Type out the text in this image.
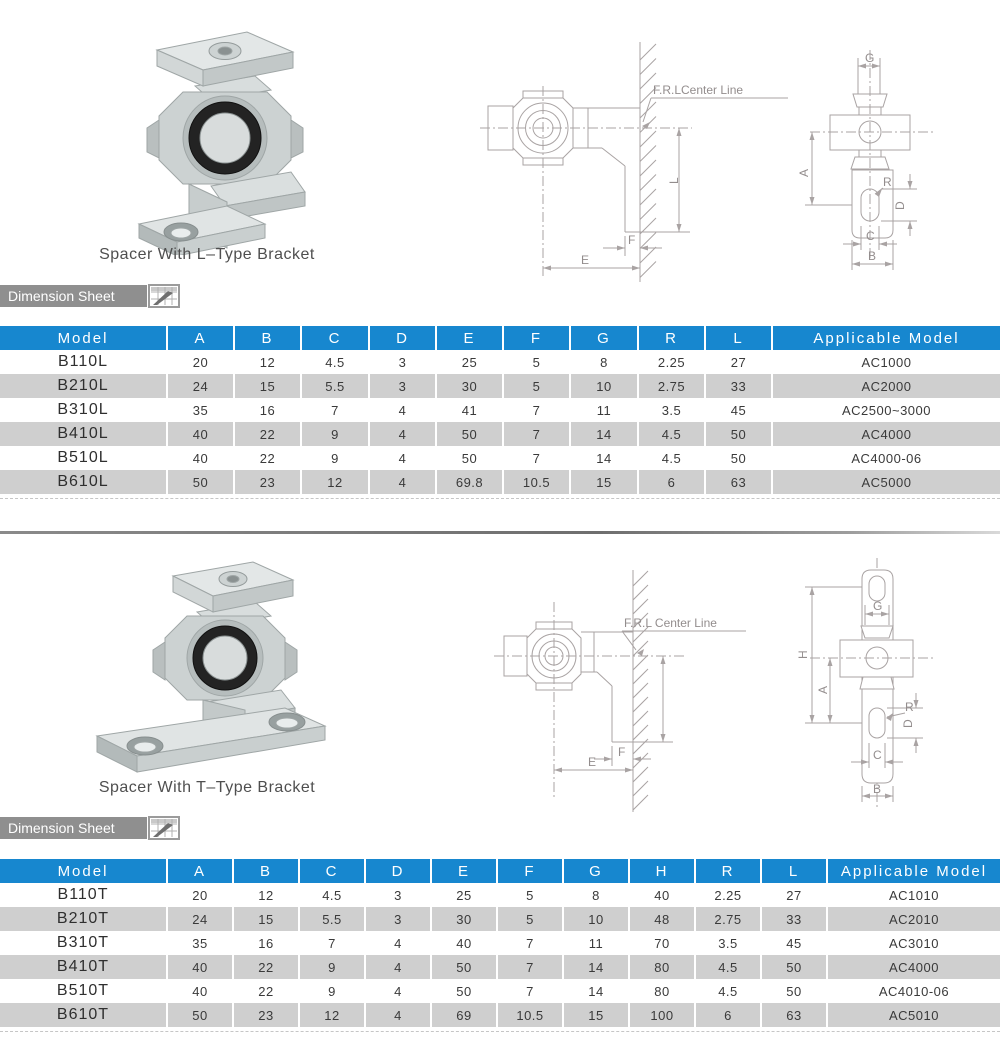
Spacer With L–Type Bracket
F.R.LCenter Line
L
F
E
G
A
R
D
C
B
Dimension Sheet
Model	A	B	C	D	E	F	G	R	L	Applicable Model
B110L	20	12	4.5	3	25	5	8	2.25	27	AC1000
B210L	24	15	5.5	3	30	5	10	2.75	33	AC2000
B310L	35	16	7	4	41	7	11	3.5	45	AC2500~3000
B410L	40	22	9	4	50	7	14	4.5	50	AC4000
B510L	40	22	9	4	50	7	14	4.5	50	AC4000-06
B610L	50	23	12	4	69.8	10.5	15	6	63	AC5000
Spacer With T–Type Bracket
F.R.L Center Line
F
E
G
H
A
R
D
C
B
Dimension Sheet
Model	A	B	C	D	E	F	G	H	R	L	Applicable Model
B110T	20	12	4.5	3	25	5	8	40	2.25	27	AC1010
B210T	24	15	5.5	3	30	5	10	48	2.75	33	AC2010
B310T	35	16	7	4	40	7	11	70	3.5	45	AC3010
B410T	40	22	9	4	50	7	14	80	4.5	50	AC4000
B510T	40	22	9	4	50	7	14	80	4.5	50	AC4010-06
B610T	50	23	12	4	69	10.5	15	100	6	63	AC5010
